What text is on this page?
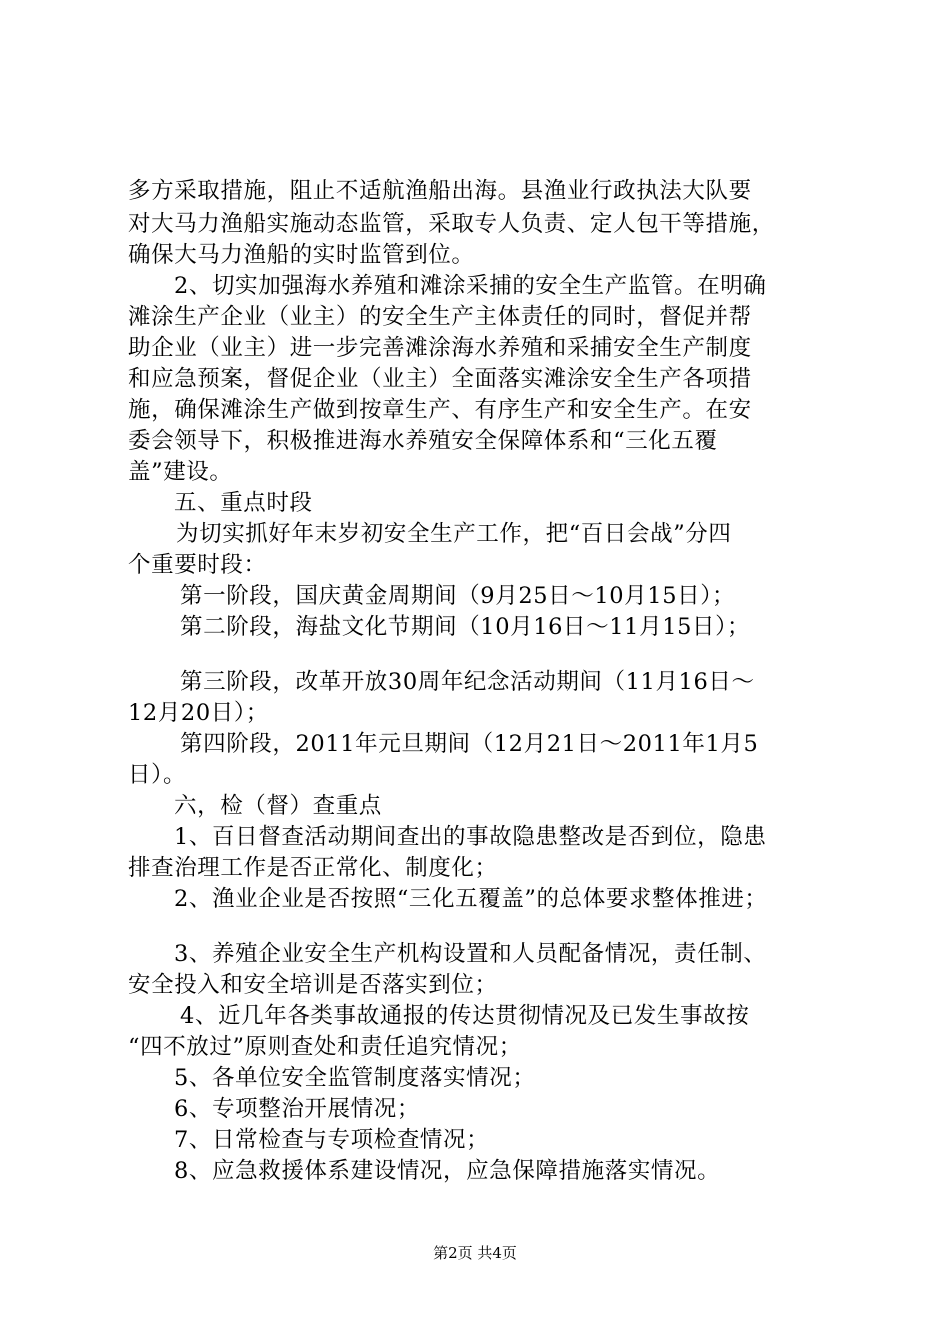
多方采取措施，阻止不适航渔船出海。县渔业行政执法大队要
对大马力渔船实施动态监管，采取专人负责、定人包干等措施，
确保大马力渔船的实时监管到位。
2、切实加强海水养殖和滩涂采捕的安全生产监管。在明确
滩涂生产企业（业主）的安全生产主体责任的同时，督促并帮
助企业（业主）进一步完善滩涂海水养殖和采捕安全生产制度
和应急预案，督促企业（业主）全面落实滩涂安全生产各项措
施，确保滩涂生产做到按章生产、有序生产和安全生产。在安
委会领导下，积极推进海水养殖安全保障体系和“三化五覆
盖”建设。
五、重点时段
为切实抓好年末岁初安全生产工作，把“百日会战”分四
个重要时段：
第一阶段，国庆黄金周期间（9月25日～10月15日）；
第二阶段，海盐文化节期间（10月16日～11月15日）；
第三阶段，改革开放30周年纪念活动期间（11月16日～
12月20日）；
第四阶段，2011年元旦期间（12月21日～2011年1月5
日）。
六，检（督）查重点
1、百日督查活动期间查出的事故隐患整改是否到位，隐患
排查治理工作是否正常化、制度化；
2、渔业企业是否按照“三化五覆盖”的总体要求整体推进；
3、养殖企业安全生产机构设置和人员配备情况，责任制、
安全投入和安全培训是否落实到位；
4、近几年各类事故通报的传达贯彻情况及已发生事故按
“四不放过”原则查处和责任追究情况；
5、各单位安全监管制度落实情况；
6、专项整治开展情况；
7、日常检查与专项检查情况；
8、应急救援体系建设情况，应急保障措施落实情况。
第2页 共4页
